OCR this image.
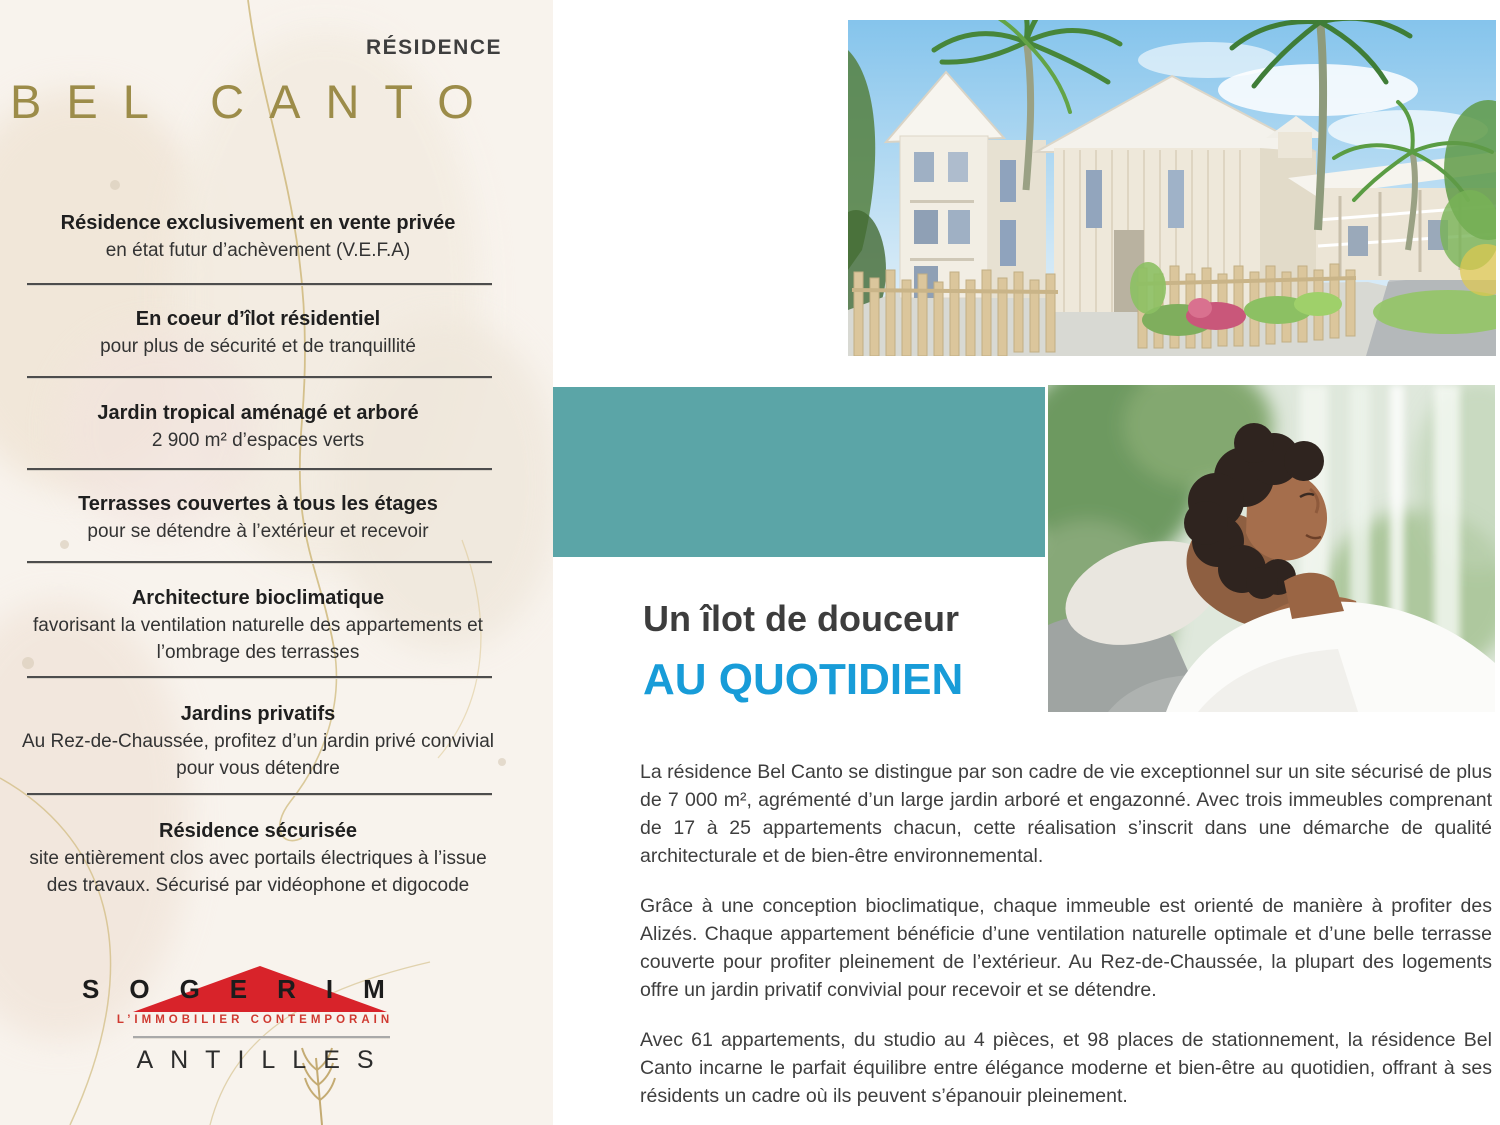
RÉSIDENCE
BEL CANTO
Résidence exclusivement en vente privée

en état futur d’achèvement (V.E.F.A)

En coeur d’îlot résidentiel

pour plus de sécurité et de tranquillité

Jardin tropical aménagé et arboré

2 900 m² d’espaces verts

Terrasses couvertes à tous les étages

pour se détendre à l’extérieur et recevoir

Architecture bioclimatique

favorisant la ventilation naturelle des appartements et l’ombrage des terrasses

Jardins privatifs

Au Rez-de-Chaussée, profitez d’un jardin privé convivial pour vous détendre

Résidence sécurisée

site entièrement clos avec portails électriques à l’issue des travaux. Sécurisé par vidéophone et digocode

SOGERIM
L’IMMOBILIER CONTEMPORAIN
ANTILLES
Un îlot de douceur
AU QUOTIDIEN

La résidence Bel Canto se distingue par son cadre de vie exceptionnel sur un site sécurisé de plus de 7 000 m², agrémenté d’un large jardin arboré et engazonné. Avec trois immeubles comprenant de 17 à 25 appartements chacun, cette réalisation s’inscrit dans une démarche de qualité architecturale et de bien-être environnemental.

Grâce à une conception bioclimatique, chaque immeuble est orienté de manière à profiter des Alizés. Chaque appartement bénéficie d’une ventilation naturelle optimale et d’une belle terrasse couverte pour profiter pleinement de l’extérieur. Au Rez-de-Chaussée, la plupart des logements offre un jardin privatif convivial pour recevoir et se détendre.

Avec 61 appartements, du studio au 4 pièces, et 98 places de stationnement, la résidence Bel Canto incarne le parfait équilibre entre élégance moderne et bien-être au quotidien, offrant à ses résidents un cadre où ils peuvent s’épanouir pleinement.
